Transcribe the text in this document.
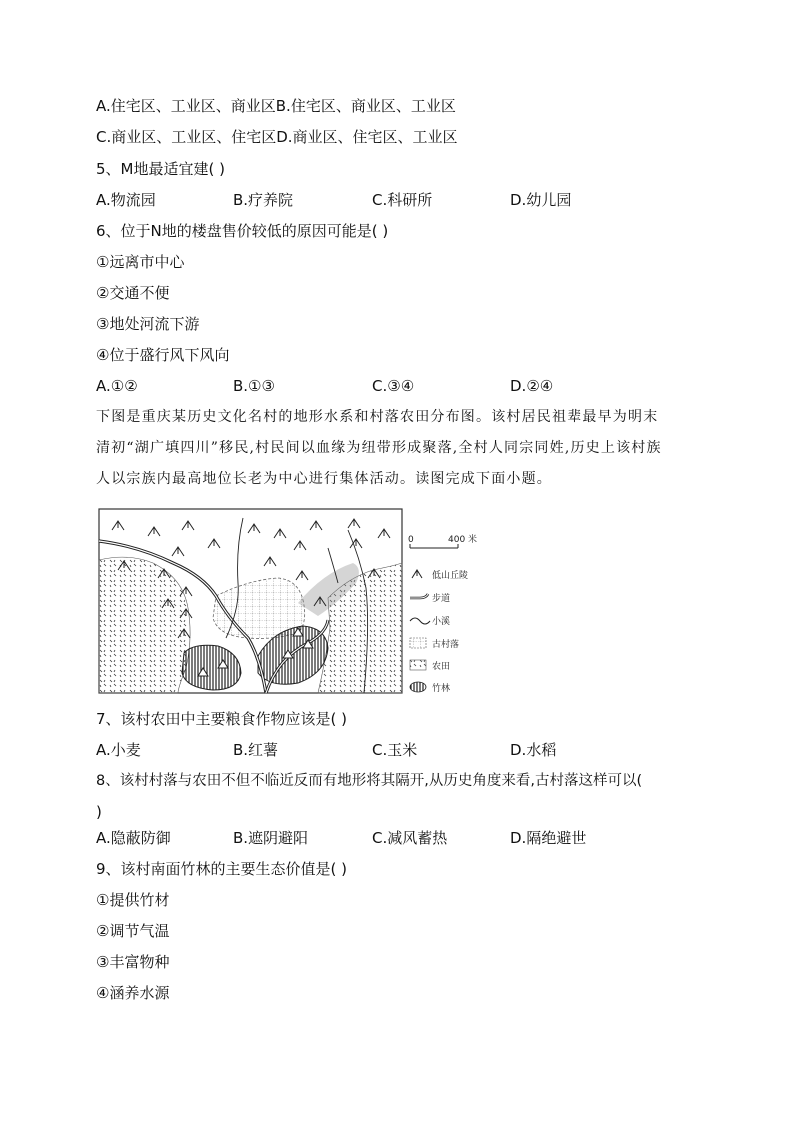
A.住宅区、工业区、商业区B.住宅区、商业区、工业区
C.商业区、工业区、住宅区D.商业区、住宅区、工业区
5、M地最适宜建( )
A.物流园	B.疗养院	C.科研所	D.幼儿园
6、位于N地的楼盘售价较低的原因可能是( )
①远离市中心
②交通不便
③地处河流下游
④位于盛行风下风向
A.①②	B.①③	C.③④	D.②④
下图是重庆某历史文化名村的地形水系和村落农田分布图。该村居民祖辈最早为明末
清初“湖广填四川”移民,村民间以血缘为纽带形成聚落,全村人同宗同姓,历史上该村族
人以宗族内最高地位长老为中心进行集体活动。读图完成下面小题。
0	400 米
低山丘陵
步道
小溪
古村落
农田
竹林
7、该村农田中主要粮食作物应该是( )
A.小麦	B.红薯	C.玉米	D.水稻
8、该村村落与农田不但不临近反而有地形将其隔开,从历史角度来看,古村落这样可以(
)
A.隐蔽防御	B.遮阴避阳	C.减风蓄热	D.隔绝避世
9、该村南面竹林的主要生态价值是( )
①提供竹材
②调节气温
③丰富物种
④涵养水源
